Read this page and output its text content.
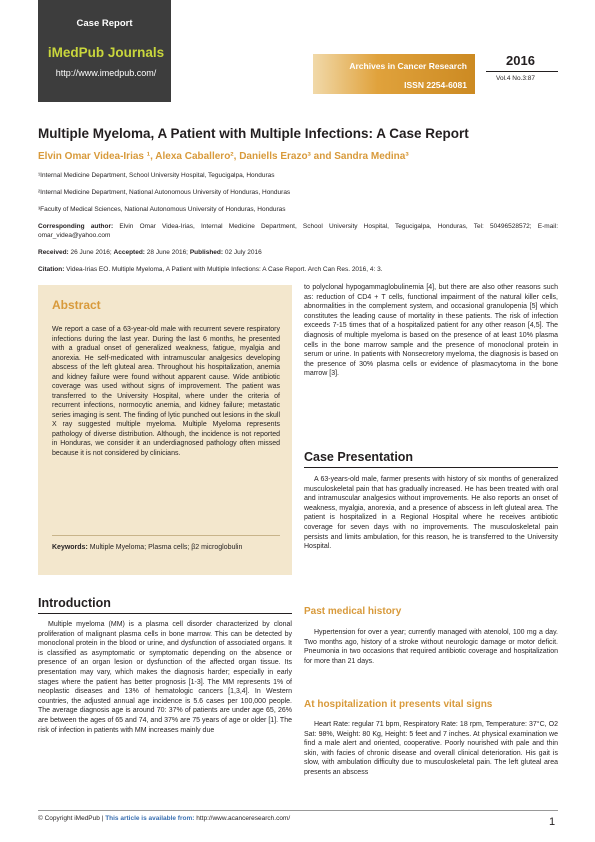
Case Report
iMedPub Journals
http://www.imedpub.com/
Archives in Cancer Research
ISSN 2254-6081
2016
Vol.4 No.3:87
Multiple Myeloma, A Patient with Multiple Infections: A Case Report
Elvin Omar Videa-Irias ¹, Alexa Caballero², Daniells Erazo³ and Sandra Medina³
¹Internal Medicine Department, School University Hospital, Tegucigalpa, Honduras
²Internal Medicine Department, National Autonomous University of Honduras, Honduras
³Faculty of Medical Sciences, National Autonomous University of Honduras, Honduras
Corresponding author: Elvin Omar Videa-Irias, Internal Medicine Department, School University Hospital, Tegucigalpa, Honduras, Tel: 50496528572; E-mail: omar_videa@yahoo.com
Received: 26 June 2016; Accepted: 28 June 2016; Published: 02 July 2016
Citation: Videa-Irias EO. Multiple Myeloma, A Patient with Multiple Infections: A Case Report. Arch Can Res. 2016, 4: 3.
Abstract
We report a case of a 63-year-old male with recurrent severe respiratory infections during the last year. During the last 6 months, he presented with a gradual onset of generalized weakness, fatigue, myalgia and anorexia. He self-medicated with intramuscular analgesics developing abscess of the left gluteal area. Throughout his hospitalization, anemia and kidney failure were found without apparent cause. Wide antibiotic coverage was used without signs of improvement. The patient was transferred to the University Hospital, where under the criteria of recurrent infections, normocytic anemia, and kidney failure; metastatic series imaging is sent. The finding of lytic punched out lesions in the skull X ray suggested multiple myeloma. Multiple Myeloma represents pathology of diverse distribution. Although, the incidence is not reported in Honduras, we consider it an underdiagnosed pathology often missed because it is not considered by clinicians.
Keywords: Multiple Myeloma; Plasma cells; β2 microglobulin
Introduction
Multiple myeloma (MM) is a plasma cell disorder characterized by clonal proliferation of malignant plasma cells in bone marrow. This can be detected by monoclonal protein in the blood or urine, and dysfunction of associated organs. It is classified as asymptomatic or symptomatic depending on the absence or presence of an organ lesion or dysfunction of the affected organ tissue. Its presentation may vary, which makes the diagnosis harder; especially in early stages where the patient has better prognosis [1-3]. The MM represents 1% of neoplastic diseases and 13% of hematologic cancers [1,3,4]. In Western countries, the adjusted annual age incidence is 5.6 cases per 100,000 people. The average diagnosis age is around 70: 37% of patients are under age 65, 26% are between the ages of 65 and 74, and 37% are 75 years of age or older [1]. The risk of infection in patients with MM increases mainly due
to polyclonal hypogammaglobulinemia [4], but there are also other reasons such as: reduction of CD4 + T cells, functional impairment of the natural killer cells, abnormalities in the complement system, and occasional granulopenia [5] which constitutes the leading cause of mortality in these patients. The risk of infection exceeds 7-15 times that of a hospitalized patient for any other reason [4,5]. The diagnosis of multiple myeloma is based on the presence of at least 10% plasma cells in the bone marrow sample and the presence of monoclonal protein in serum or urine. In patients with Nonsecretory myeloma, the diagnosis is based on the presence of 30% plasma cells or evidence of plasmacytoma in the bone marrow [3].
Case Presentation
A 63-years-old male, farmer presents with history of six months of generalized musculoskeletal pain that has gradually increased. He has been treated with oral and intramuscular analgesics without improvements. He also reports an onset of weakness, myalgia, anorexia, and a presence of abscess in left gluteal area. The patient is hospitalized in a Regional Hospital where he receives antibiotic coverage for seven days with no improvements. The musculoskeletal pain persists and limits ambulation, for this reason, he is transferred to the University Hospital.
Past medical history
Hypertension for over a year; currently managed with atenolol, 100 mg a day. Two months ago, history of a stroke without neurologic damage or motor deficit. Pneumonia in two occasions that required antibiotic coverage and hospitalization for more than 21 days.
At hospitalization it presents vital signs
Heart Rate: regular 71 bpm, Respiratory Rate: 18 rpm, Temperature: 37°C, O2 Sat: 98%, Weight: 80 Kg, Height: 5 feet and 7 inches. At physical examination we find a male alert and oriented, cooperative. Poorly nourished with pale and thin skin, with facies of chronic disease and overall clinical deterioration. His gait is slow, with ambulation difficulty due to musculoskeletal pain. The left gluteal area presents an abscess
© Copyright iMedPub | This article is available from: http://www.acanceresearch.com/	1
